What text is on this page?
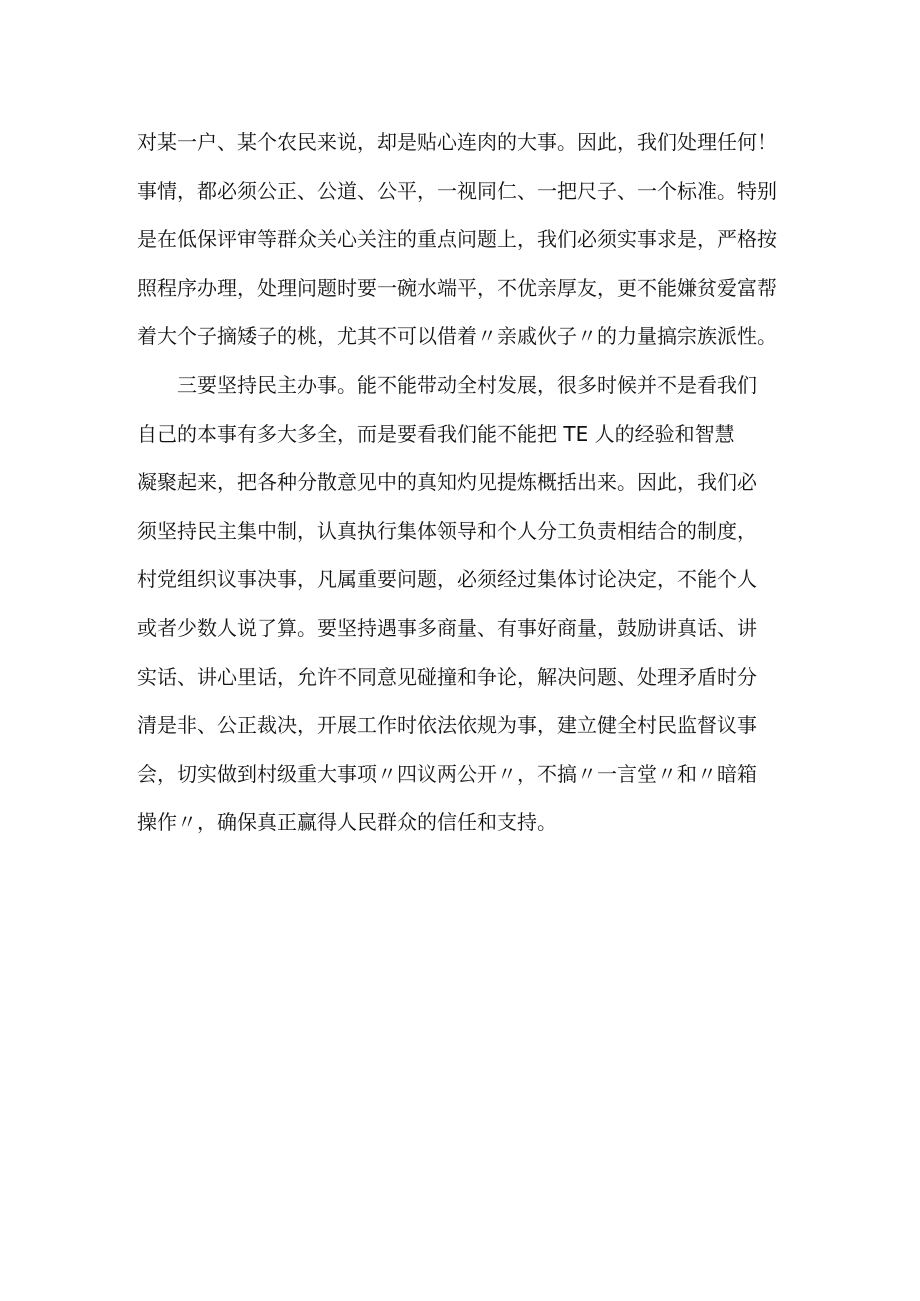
对某一户、某个农民来说，却是贴心连肉的大事。因此，我们处理任何！
事情，都必须公正、公道、公平，一视同仁、一把尺子、一个标准。特别
是在低保评审等群众关心关注的重点问题上，我们必须实事求是，严格按
照程序办理，处理问题时要一碗水端平，不优亲厚友，更不能嫌贫爱富帮
着大个子摘矮子的桃，尤其不可以借着〃亲戚伙子〃的力量搞宗族派性。
三要坚持民主办事。能不能带动全村发展，很多时候并不是看我们
自己的本事有多大多全，而是要看我们能不能把 TE 人的经验和智慧
凝聚起来，把各种分散意见中的真知灼见提炼概括出来。因此，我们必
须坚持民主集中制，认真执行集体领导和个人分工负责相结合的制度，
村党组织议事决事，凡属重要问题，必须经过集体讨论决定，不能个人
或者少数人说了算。要坚持遇事多商量、有事好商量，鼓励讲真话、讲
实话、讲心里话，允许不同意见碰撞和争论，解决问题、处理矛盾时分
清是非、公正裁决，开展工作时依法依规为事，建立健全村民监督议事
会，切实做到村级重大事项〃四议两公开〃，不搞〃一言堂〃和〃暗箱
操作〃，确保真正赢得人民群众的信任和支持。
